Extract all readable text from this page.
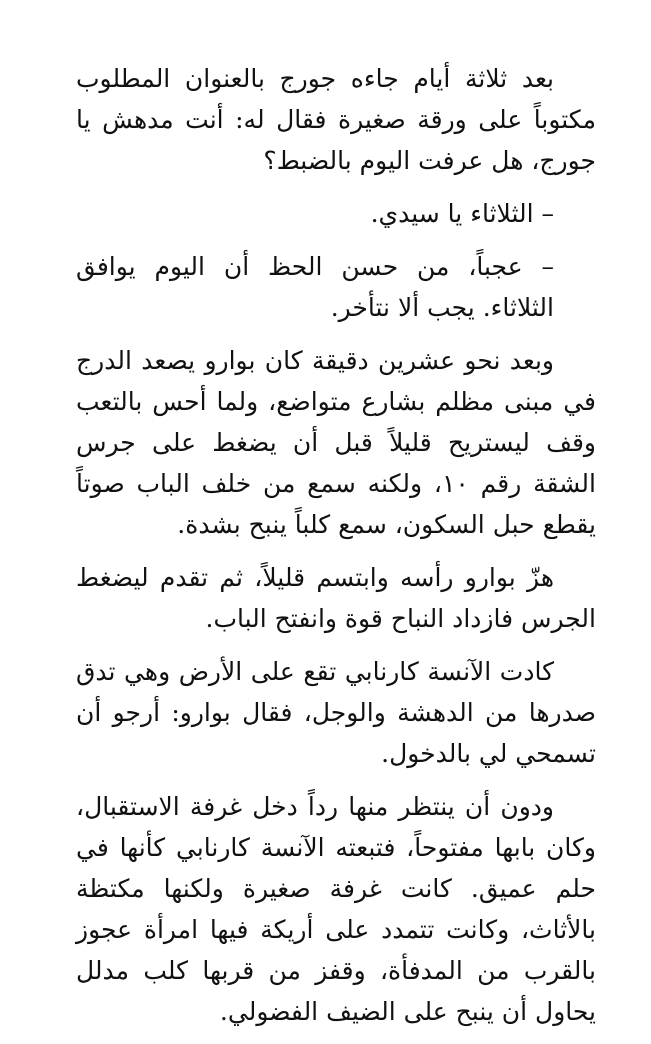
بعد ثلاثة أيام جاءه جورج بالعنوان المطلوب مكتوباً على ورقة صغيرة فقال له: أنت مدهش يا جورج، هل عرفت اليوم بالضبط؟

– الثلاثاء يا سيدي.

– عجباً، من حسن الحظ أن اليوم يوافق الثلاثاء. يجب ألا نتأخر.

وبعد نحو عشرين دقيقة كان بوارو يصعد الدرج في مبنى مظلم بشارع متواضع، ولما أحس بالتعب وقف ليستريح قليلاً قبل أن يضغط على جرس الشقة رقم ١٠، ولكنه سمع من خلف الباب صوتاً يقطع حبل السكون، سمع كلباً ينبح بشدة.

هزّ بوارو رأسه وابتسم قليلاً، ثم تقدم ليضغط الجرس فازداد النباح قوة وانفتح الباب.

كادت الآنسة كارنابي تقع على الأرض وهي تدق صدرها من الدهشة والوجل، فقال بوارو: أرجو أن تسمحي لي بالدخول.

ودون أن ينتظر منها رداً دخل غرفة الاستقبال، وكان بابها مفتوحاً، فتبعته الآنسة كارنابي كأنها في حلم عميق. كانت غرفة صغيرة ولكنها مكتظة بالأثاث، وكانت تتمدد على أريكة فيها امرأة عجوز بالقرب من المدفأة، وقفز من قربها كلب مدلل يحاول أن ينبح على الضيف الفضولي.
